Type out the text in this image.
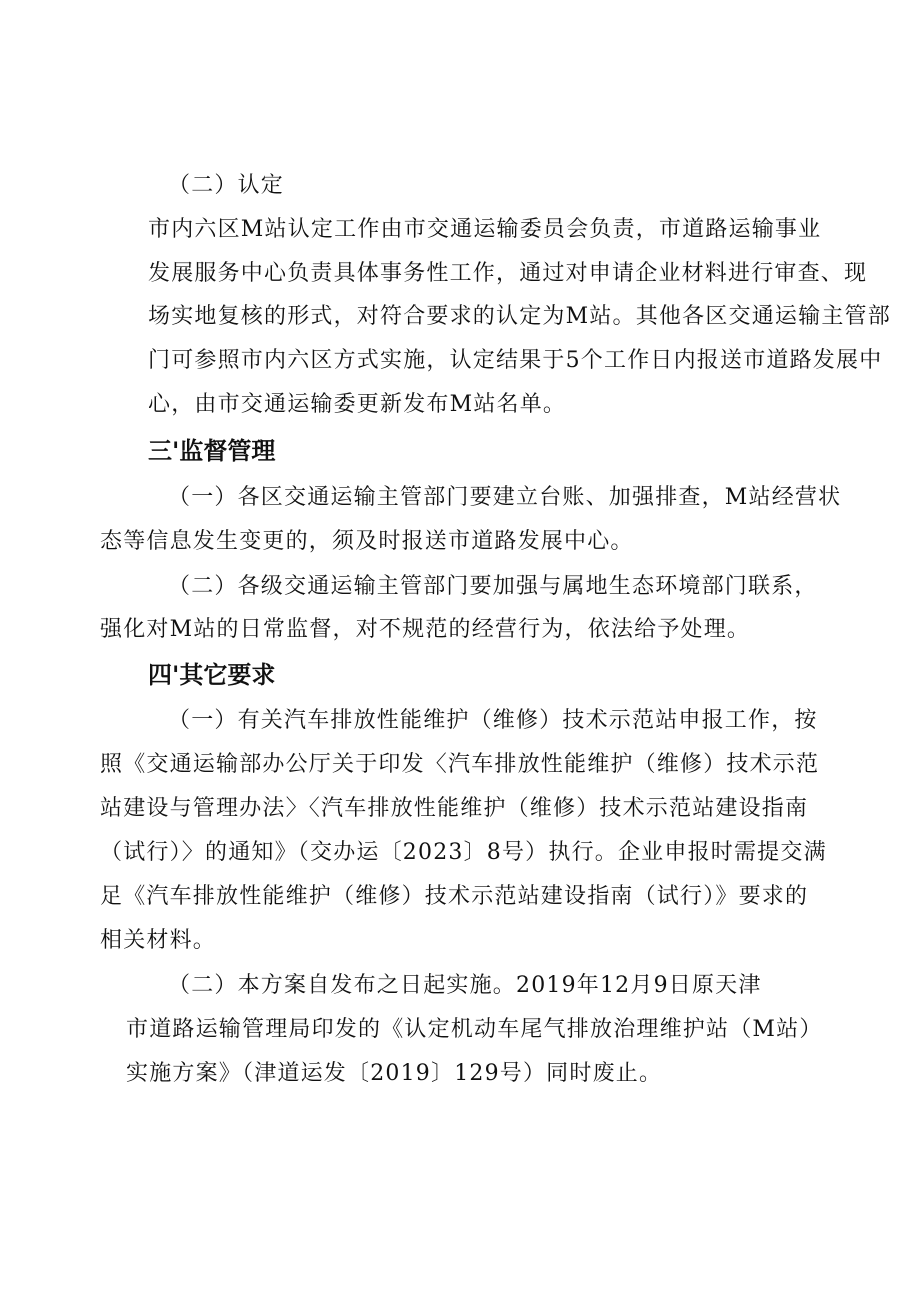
（二）认定

市内六区M站认定工作由市交通运输委员会负责，市道路运输事业

发展服务中心负责具体事务性工作，通过对申请企业材料进行审查、现

场实地复核的形式，对符合要求的认定为M站。其他各区交通运输主管部

门可参照市内六区方式实施，认定结果于5个工作日内报送市道路发展中

心，由市交通运输委更新发布M站名单。

三'监督管理

（一）各区交通运输主管部门要建立台账、加强排查，M站经营状

态等信息发生变更的，须及时报送市道路发展中心。

（二）各级交通运输主管部门要加强与属地生态环境部门联系，

强化对M站的日常监督，对不规范的经营行为，依法给予处理。

四'其它要求

（一）有关汽车排放性能维护（维修）技术示范站申报工作，按

照《交通运输部办公厅关于印发〈汽车排放性能维护（维修）技术示范

站建设与管理办法〉〈汽车排放性能维护（维修）技术示范站建设指南

（试行）〉的通知》（交办运〔2023〕8号）执行。企业申报时需提交满

足《汽车排放性能维护（维修）技术示范站建设指南（试行）》要求的

相关材料。

（二）本方案自发布之日起实施。2019年12月9日原天津

市道路运输管理局印发的《认定机动车尾气排放治理维护站（M站）

实施方案》（津道运发〔2019〕129号）同时废止。
